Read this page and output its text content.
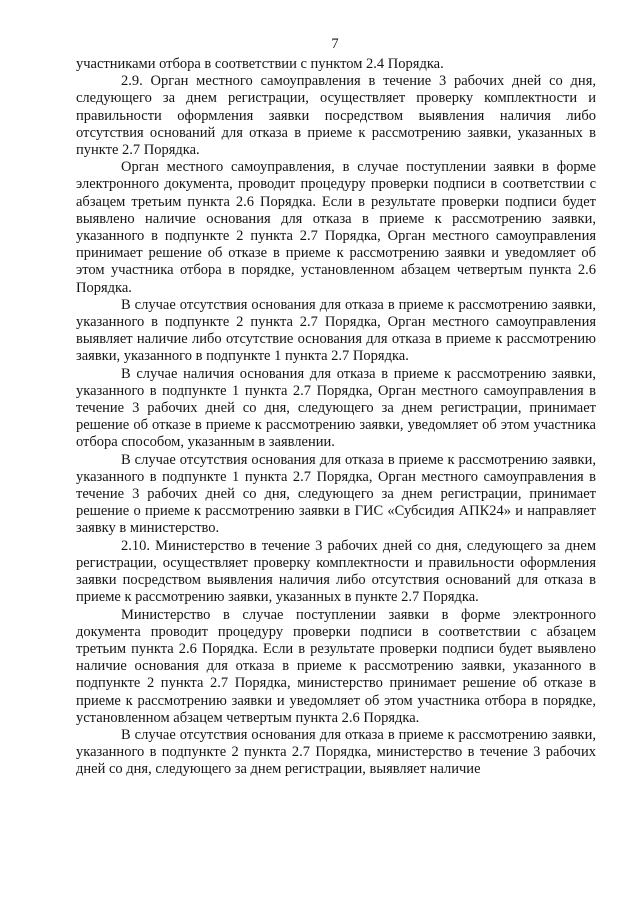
7

участниками отбора в соответствии с пунктом 2.4 Порядка.

2.9. Орган местного самоуправления в течение 3 рабочих дней со дня, следующего за днем регистрации, осуществляет проверку комплектности и правильности оформления заявки посредством выявления наличия либо отсутствия оснований для отказа в приеме к рассмотрению заявки, указанных в пункте 2.7 Порядка.

Орган местного самоуправления, в случае поступлении заявки в форме электронного документа, проводит процедуру проверки подписи в соответствии с абзацем третьим пункта 2.6 Порядка. Если в результате проверки подписи будет выявлено наличие основания для отказа в приеме к рассмотрению заявки, указанного в подпункте 2 пункта 2.7 Порядка, Орган местного самоуправления принимает решение об отказе в приеме к рассмотрению заявки и уведомляет об этом участника отбора в порядке, установленном абзацем четвертым пункта 2.6 Порядка.

В случае отсутствия основания для отказа в приеме к рассмотрению заявки, указанного в подпункте 2 пункта 2.7 Порядка, Орган местного самоуправления выявляет наличие либо отсутствие основания для отказа в приеме к рассмотрению заявки, указанного в подпункте 1 пункта 2.7 Порядка.

В случае наличия основания для отказа в приеме к рассмотрению заявки, указанного в подпункте 1 пункта 2.7 Порядка, Орган местного самоуправления в течение 3 рабочих дней со дня, следующего за днем регистрации, принимает решение об отказе в приеме к рассмотрению заявки, уведомляет об этом участника отбора способом, указанным в заявлении.

В случае отсутствия основания для отказа в приеме к рассмотрению заявки, указанного в подпункте 1 пункта 2.7 Порядка, Орган местного самоуправления в течение 3 рабочих дней со дня, следующего за днем регистрации, принимает решение о приеме к рассмотрению заявки в ГИС «Субсидия АПК24» и направляет заявку в министерство.

2.10. Министерство в течение 3 рабочих дней со дня, следующего за днем регистрации, осуществляет проверку комплектности и правильности оформления заявки посредством выявления наличия либо отсутствия оснований для отказа в приеме к рассмотрению заявки, указанных в пункте 2.7 Порядка.

Министерство в случае поступлении заявки в форме электронного документа проводит процедуру проверки подписи в соответствии с абзацем третьим пункта 2.6 Порядка. Если в результате проверки подписи будет выявлено наличие основания для отказа в приеме к рассмотрению заявки, указанного в подпункте 2 пункта 2.7 Порядка, министерство принимает решение об отказе в приеме к рассмотрению заявки и уведомляет об этом участника отбора в порядке, установленном абзацем четвертым пункта 2.6 Порядка.

В случае отсутствия основания для отказа в приеме к рассмотрению заявки, указанного в подпункте 2 пункта 2.7 Порядка, министерство в течение 3 рабочих дней со дня, следующего за днем регистрации, выявляет наличие
